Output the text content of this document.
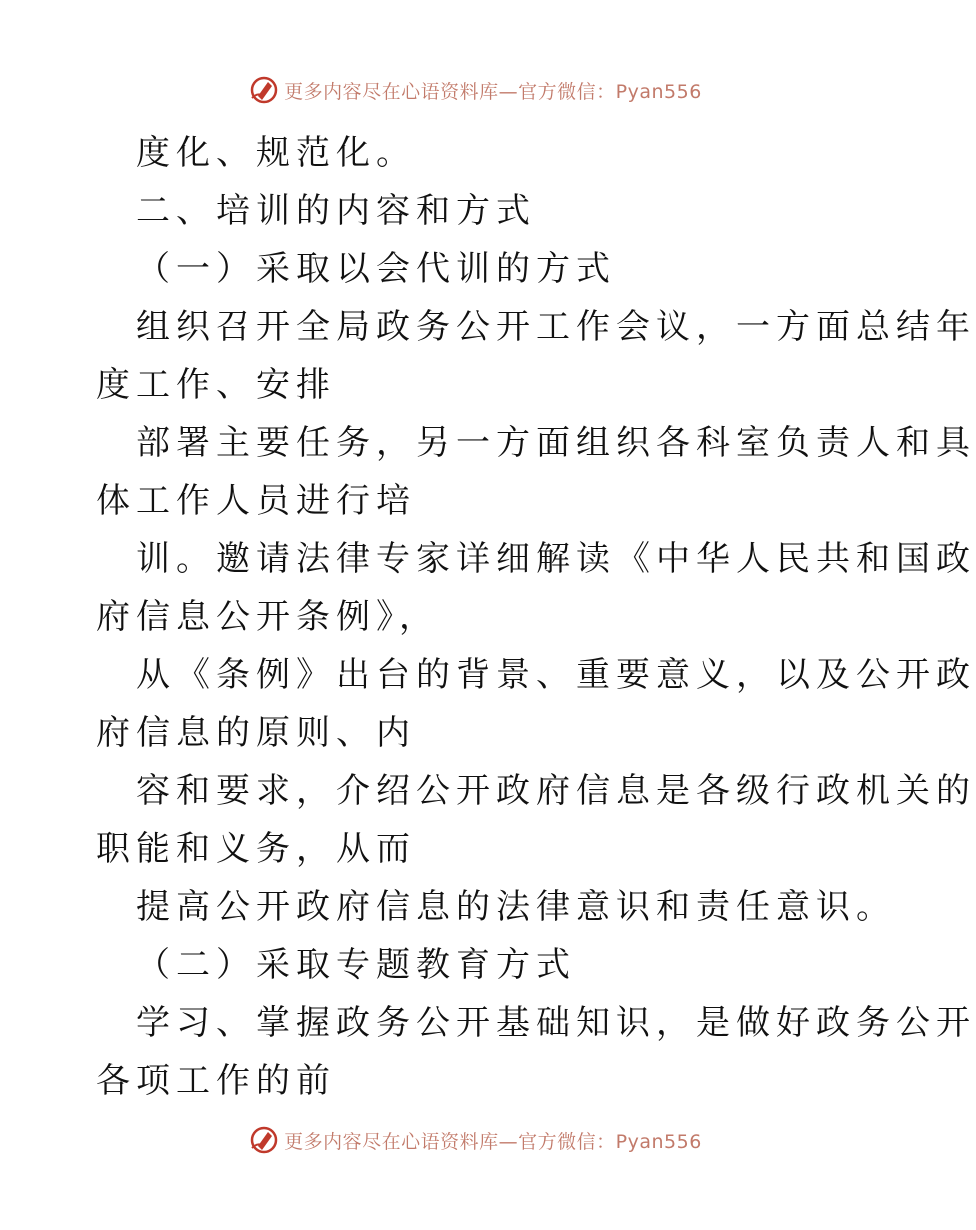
更多内容尽在心语资料库—官方微信：Pyan556
度化、规范化。
二、培训的内容和方式
（一）采取以会代训的方式
组织召开全局政务公开工作会议，一方面总结年
度工作、安排
部署主要任务，另一方面组织各科室负责人和具
体工作人员进行培
训。邀请法律专家详细解读《中华人民共和国政
府信息公开条例》，
从《条例》出台的背景、重要意义，以及公开政
府信息的原则、内
容和要求，介绍公开政府信息是各级行政机关的
职能和义务，从而
提高公开政府信息的法律意识和责任意识。
（二）采取专题教育方式
学习、掌握政务公开基础知识，是做好政务公开
各项工作的前
更多内容尽在心语资料库—官方微信：Pyan556
